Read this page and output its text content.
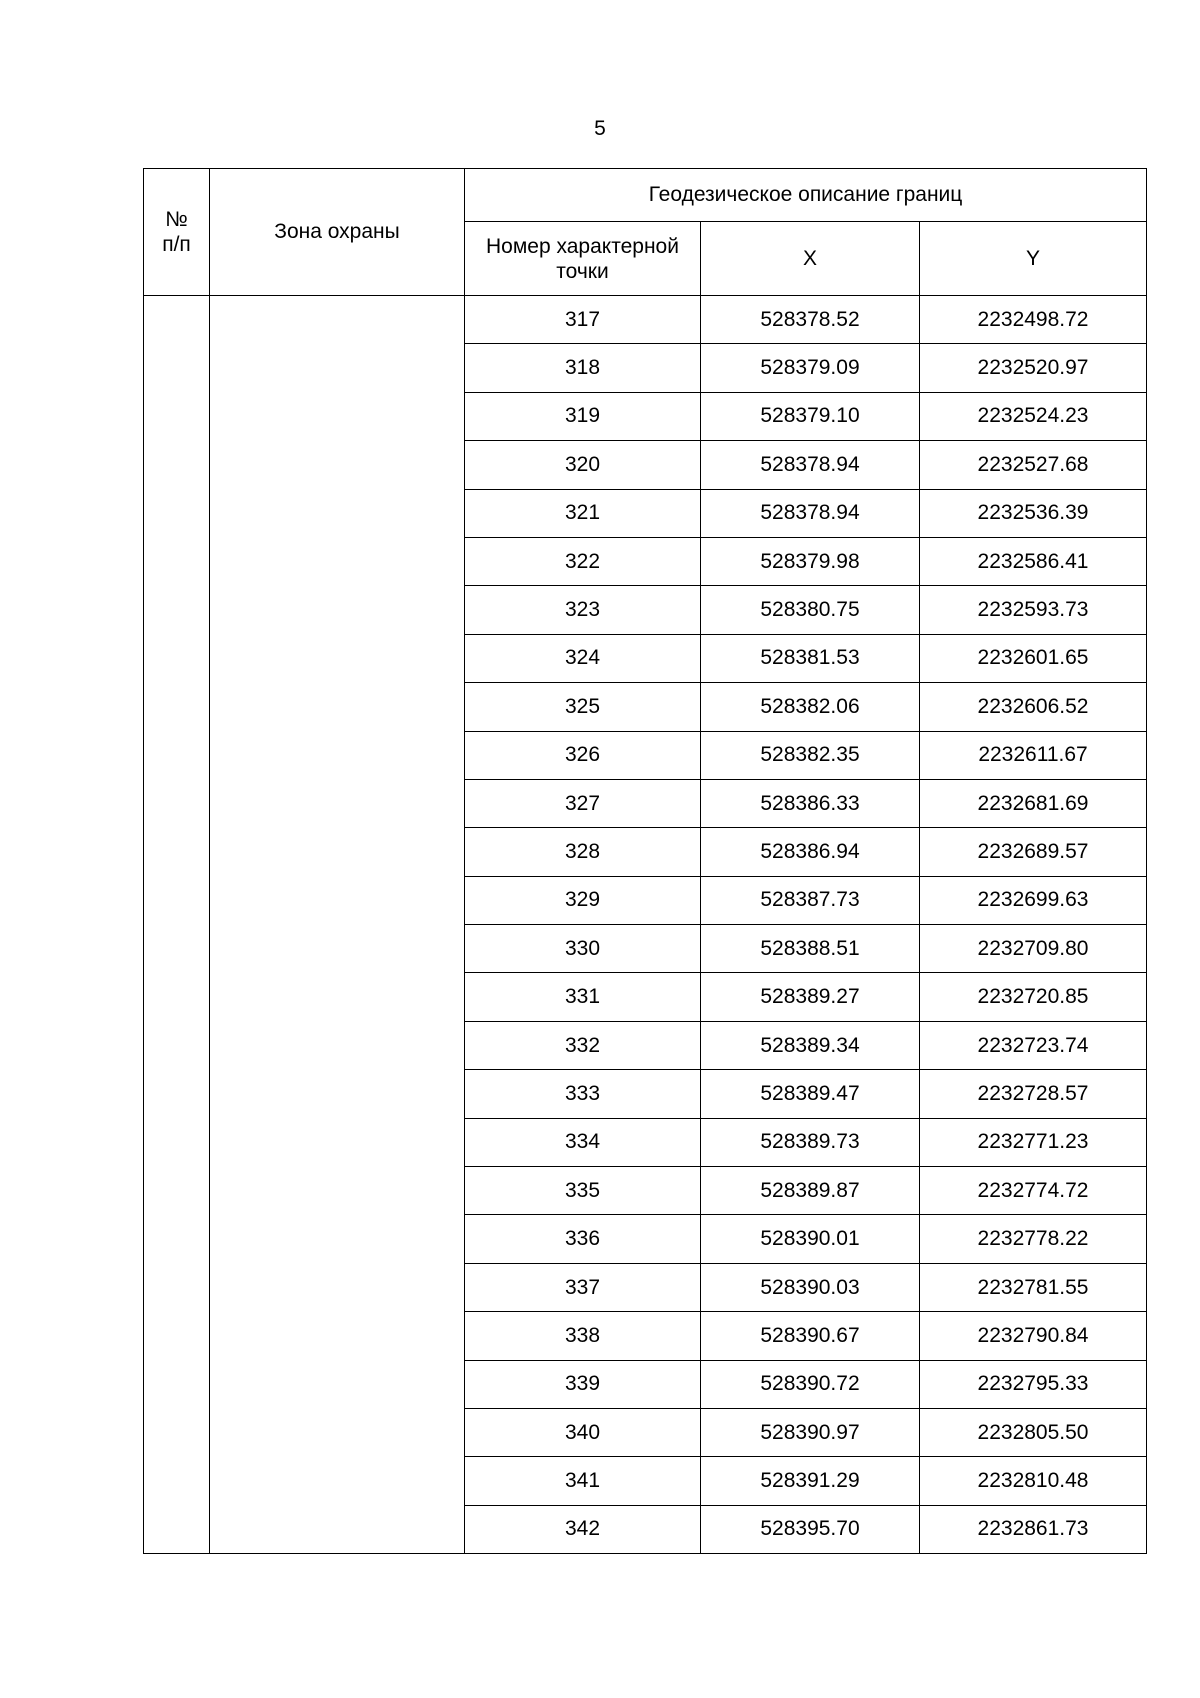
5
№ п/п	Зона охраны	Геодезическое описание границ		
		Номер характерной точки	X	Y
		317	528378.52	2232498.72
		318	528379.09	2232520.97
		319	528379.10	2232524.23
		320	528378.94	2232527.68
		321	528378.94	2232536.39
		322	528379.98	2232586.41
		323	528380.75	2232593.73
		324	528381.53	2232601.65
		325	528382.06	2232606.52
		326	528382.35	2232611.67
		327	528386.33	2232681.69
		328	528386.94	2232689.57
		329	528387.73	2232699.63
		330	528388.51	2232709.80
		331	528389.27	2232720.85
		332	528389.34	2232723.74
		333	528389.47	2232728.57
		334	528389.73	2232771.23
		335	528389.87	2232774.72
		336	528390.01	2232778.22
		337	528390.03	2232781.55
		338	528390.67	2232790.84
		339	528390.72	2232795.33
		340	528390.97	2232805.50
		341	528391.29	2232810.48
		342	528395.70	2232861.73
